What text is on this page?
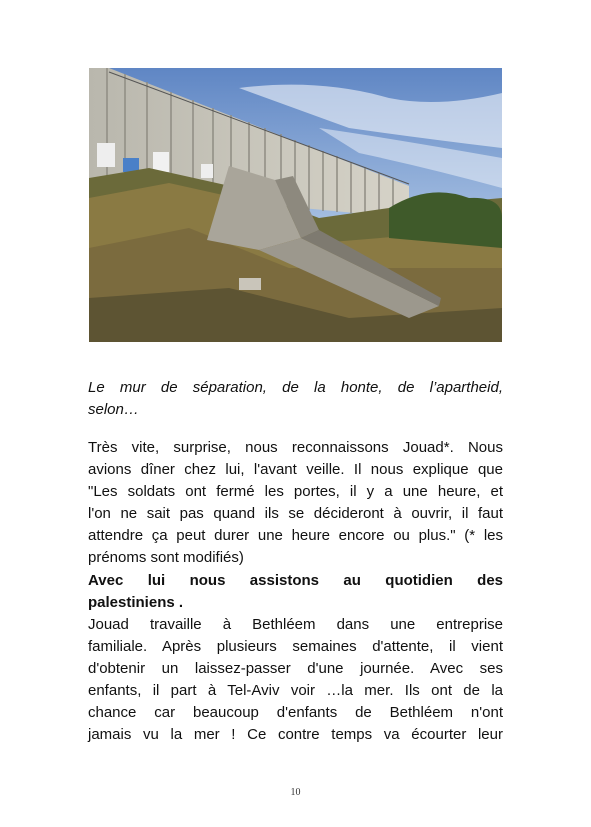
Le mur de séparation, de la honte, de l’apartheid,
selon…
Très vite, surprise, nous reconnaissons Jouad*. Nous
avions dîner chez lui, l'avant veille. Il nous explique que
"Les soldats ont fermé les portes, il y a une heure, et
l'on ne sait pas quand ils se décideront à ouvrir, il faut
attendre ça peut durer une heure encore ou plus." (* les
prénoms sont modifiés)
Avec lui nous assistons au quotidien des
palestiniens .
Jouad travaille à Bethléem dans une entreprise
familiale. Après plusieurs semaines d'attente, il vient
d'obtenir un laissez-passer d'une journée. Avec ses
enfants, il part à Tel-Aviv voir …la mer. Ils ont de la
chance car beaucoup d'enfants de Bethléem n'ont
jamais vu la mer ! Ce contre temps va écourter leur
10
